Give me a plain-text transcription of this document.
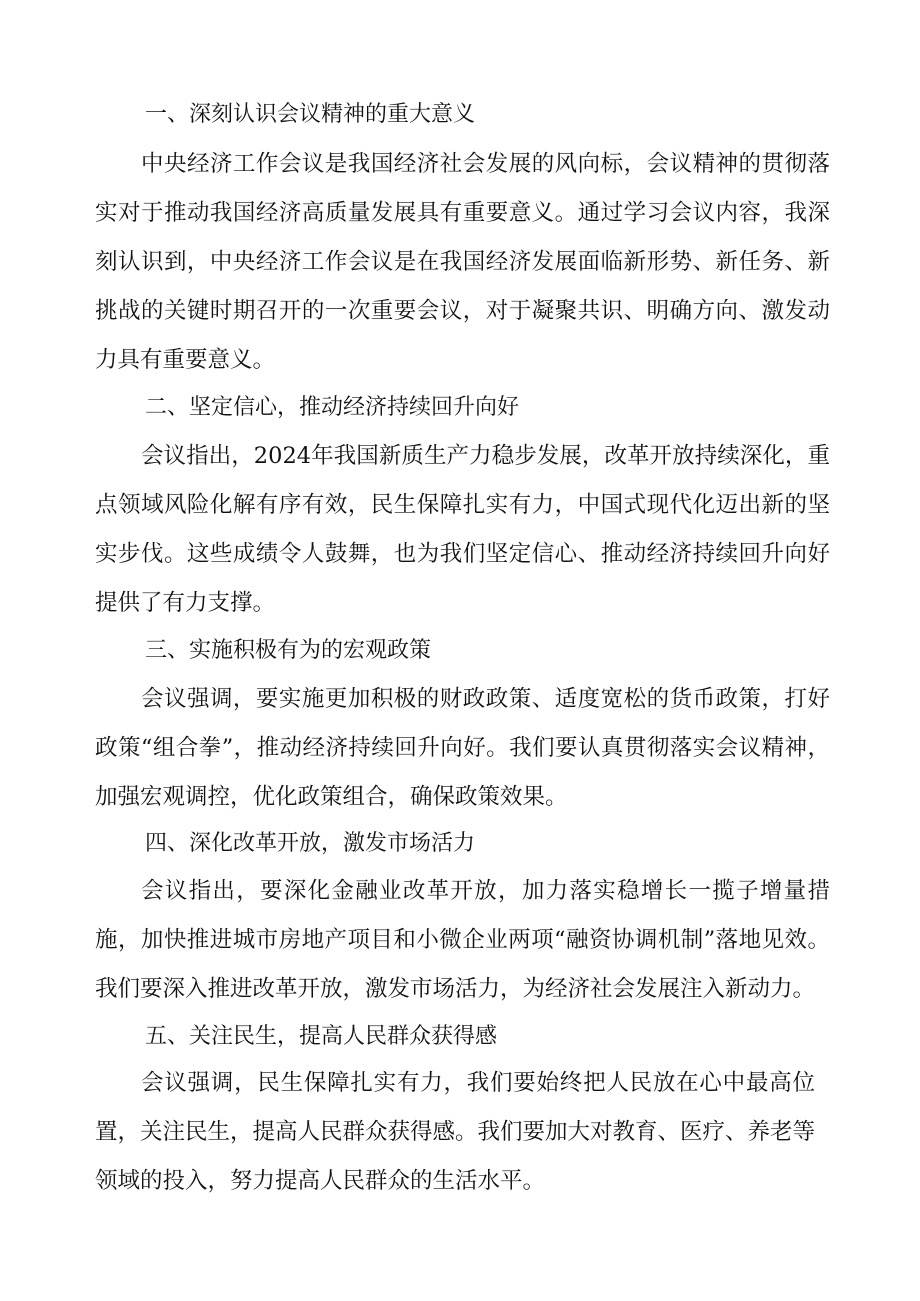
一、深刻认识会议精神的重大意义

中央经济工作会议是我国经济社会发展的风向标，会议精神的贯彻落实对于推动我国经济高质量发展具有重要意义。通过学习会议内容，我深刻认识到，中央经济工作会议是在我国经济发展面临新形势、新任务、新挑战的关键时期召开的一次重要会议，对于凝聚共识、明确方向、激发动力具有重要意义。

二、坚定信心，推动经济持续回升向好

会议指出，2024年我国新质生产力稳步发展，改革开放持续深化，重点领域风险化解有序有效，民生保障扎实有力，中国式现代化迈出新的坚实步伐。这些成绩令人鼓舞，也为我们坚定信心、推动经济持续回升向好提供了有力支撑。

三、实施积极有为的宏观政策

会议强调，要实施更加积极的财政政策、适度宽松的货币政策，打好政策“组合拳”，推动经济持续回升向好。我们要认真贯彻落实会议精神，加强宏观调控，优化政策组合，确保政策效果。

四、深化改革开放，激发市场活力

会议指出，要深化金融业改革开放，加力落实稳增长一揽子增量措施，加快推进城市房地产项目和小微企业两项“融资协调机制”落地见效。我们要深入推进改革开放，激发市场活力，为经济社会发展注入新动力。

五、关注民生，提高人民群众获得感

会议强调，民生保障扎实有力，我们要始终把人民放在心中最高位置，关注民生，提高人民群众获得感。我们要加大对教育、医疗、养老等领域的投入，努力提高人民群众的生活水平。
